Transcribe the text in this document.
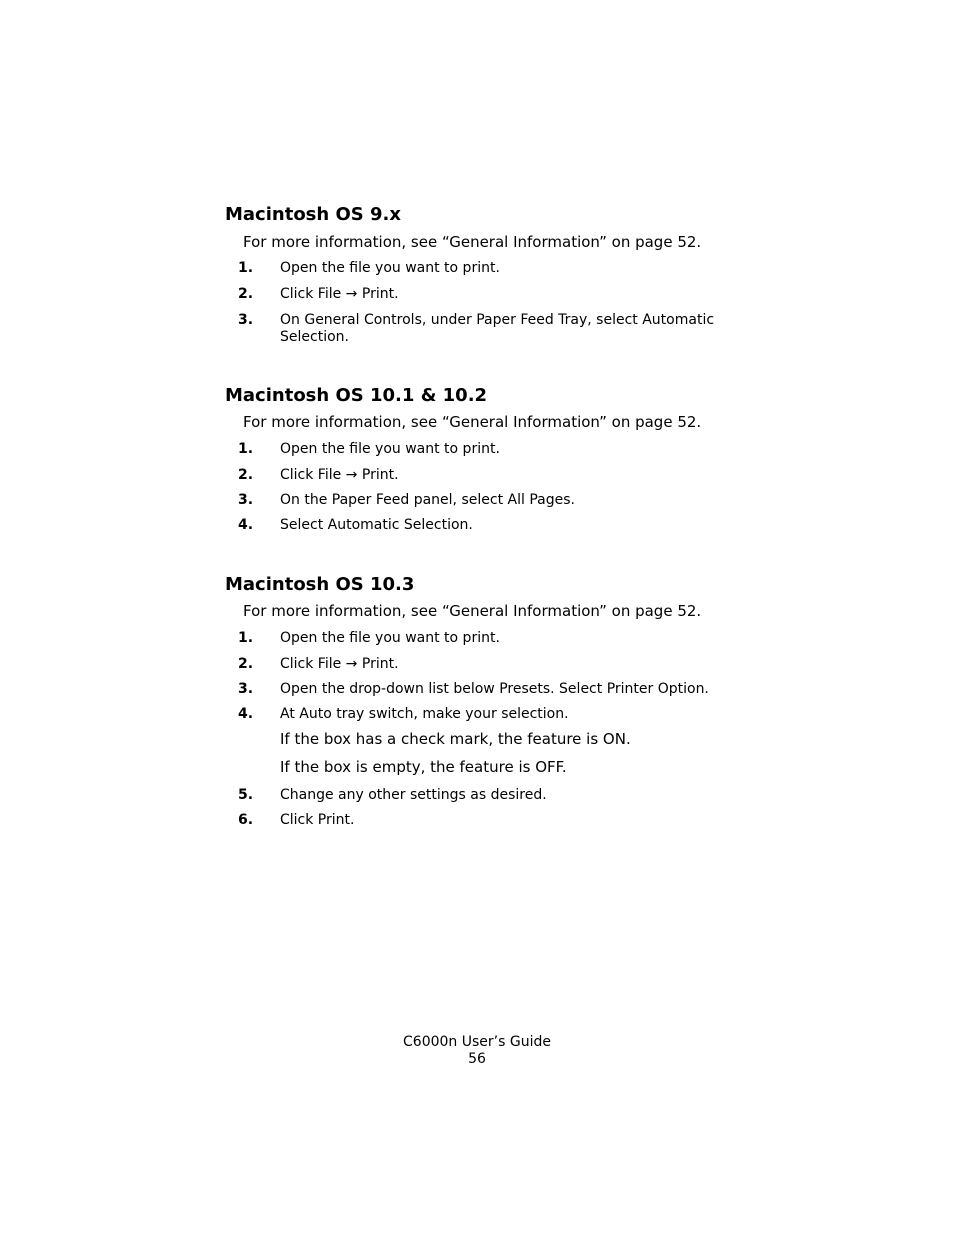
Macintosh OS 9.x

For more information, see “General Information” on page 52.

1. Open the file you want to print.
2. Click File → Print.
3. On General Controls, under Paper Feed Tray, select Automatic Selection.
Macintosh OS 10.1 & 10.2

For more information, see “General Information” on page 52.

1. Open the file you want to print.
2. Click File → Print.
3. On the Paper Feed panel, select All Pages.
4. Select Automatic Selection.
Macintosh OS 10.3

For more information, see “General Information” on page 52.

1. Open the file you want to print.
2. Click File → Print.
3. Open the drop-down list below Presets. Select Printer Option.
4. At Auto tray switch, make your selection.

If the box has a check mark, the feature is ON.

If the box is empty, the feature is OFF.

5. Change any other settings as desired.
6. Click Print.
C6000n User’s Guide
56
